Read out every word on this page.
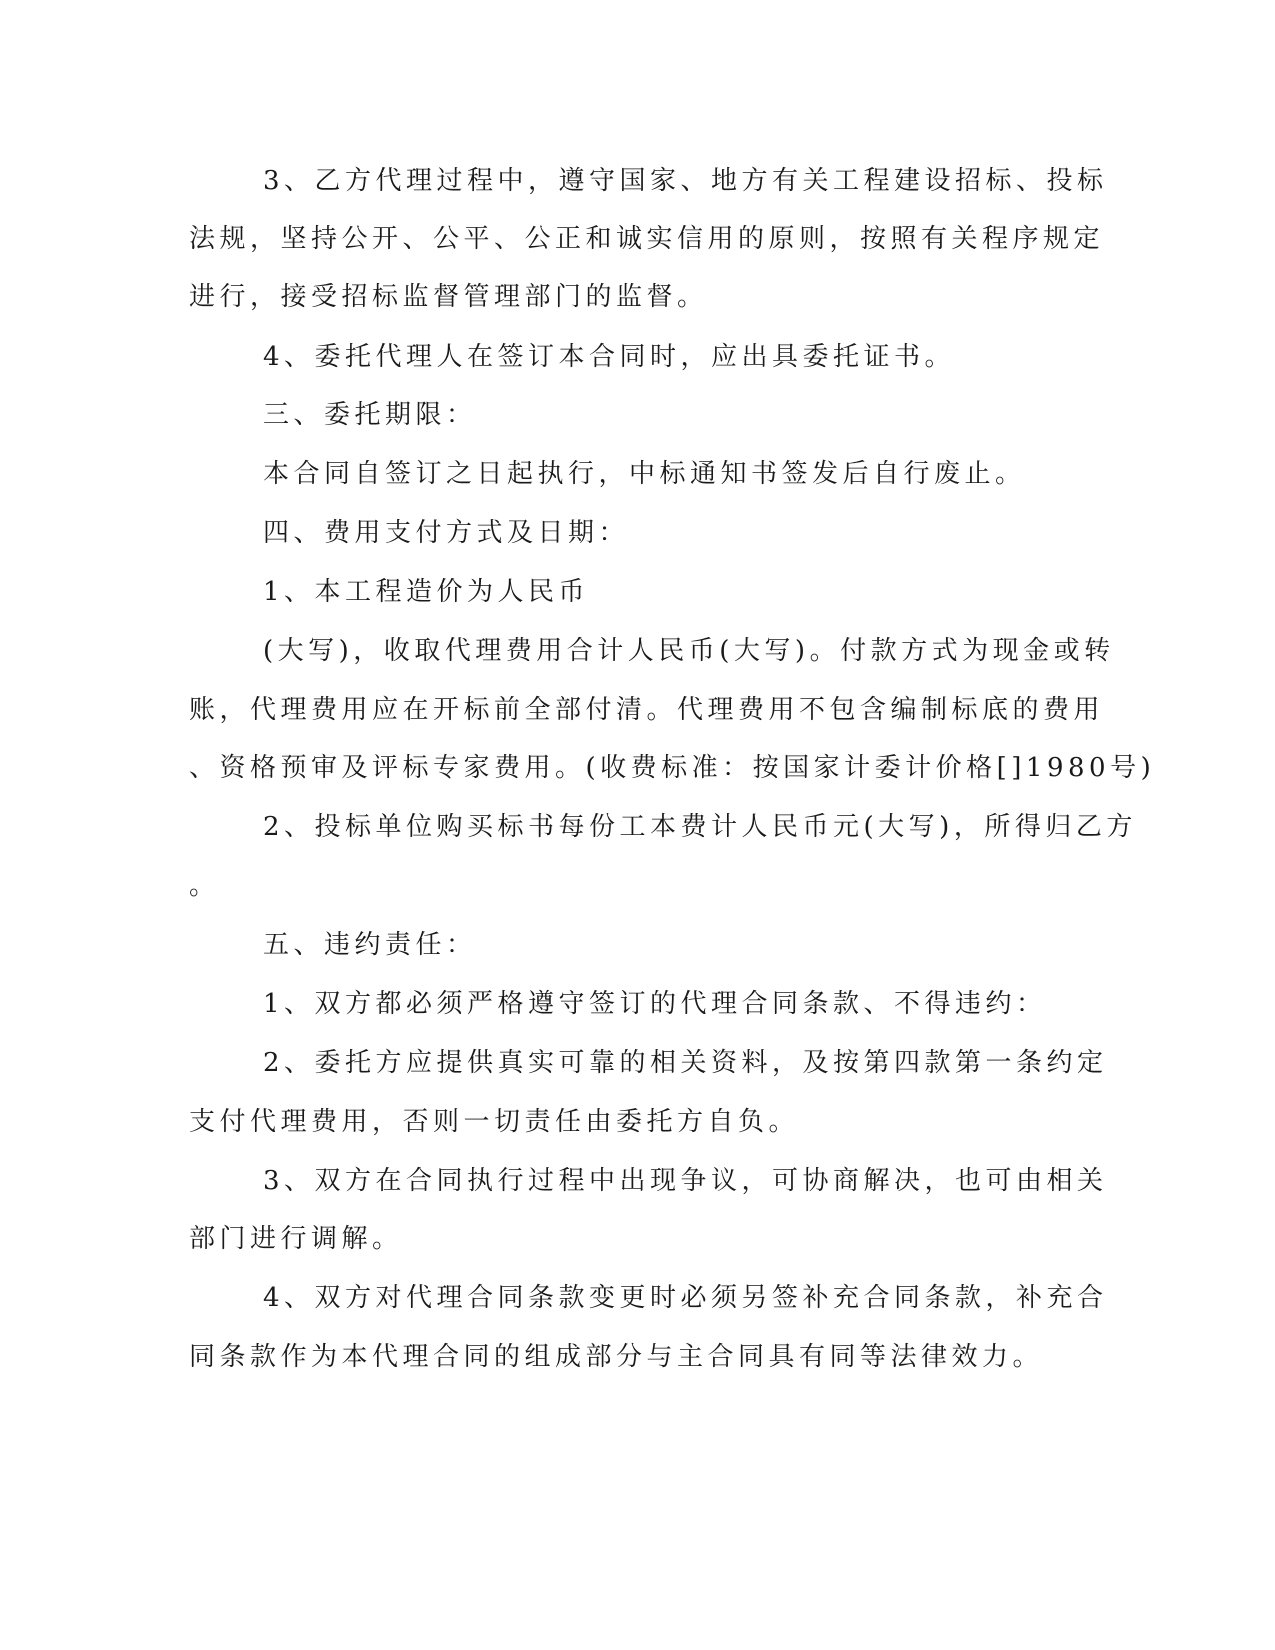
3、乙方代理过程中，遵守国家、地方有关工程建设招标、投标
法规，坚持公开、公平、公正和诚实信用的原则，按照有关程序规定
进行，接受招标监督管理部门的监督。
4、委托代理人在签订本合同时，应出具委托证书。
三、委托期限：
本合同自签订之日起执行，中标通知书签发后自行废止。
四、费用支付方式及日期：
1、本工程造价为人民币
(大写)，收取代理费用合计人民币(大写)。付款方式为现金或转
账，代理费用应在开标前全部付清。代理费用不包含编制标底的费用
、资格预审及评标专家费用。(收费标准：按国家计委计价格[]1980号)
2、投标单位购买标书每份工本费计人民币元(大写)，所得归乙方
。
五、违约责任：
1、双方都必须严格遵守签订的代理合同条款、不得违约：
2、委托方应提供真实可靠的相关资料，及按第四款第一条约定
支付代理费用，否则一切责任由委托方自负。
3、双方在合同执行过程中出现争议，可协商解决，也可由相关
部门进行调解。
4、双方对代理合同条款变更时必须另签补充合同条款，补充合
同条款作为本代理合同的组成部分与主合同具有同等法律效力。
